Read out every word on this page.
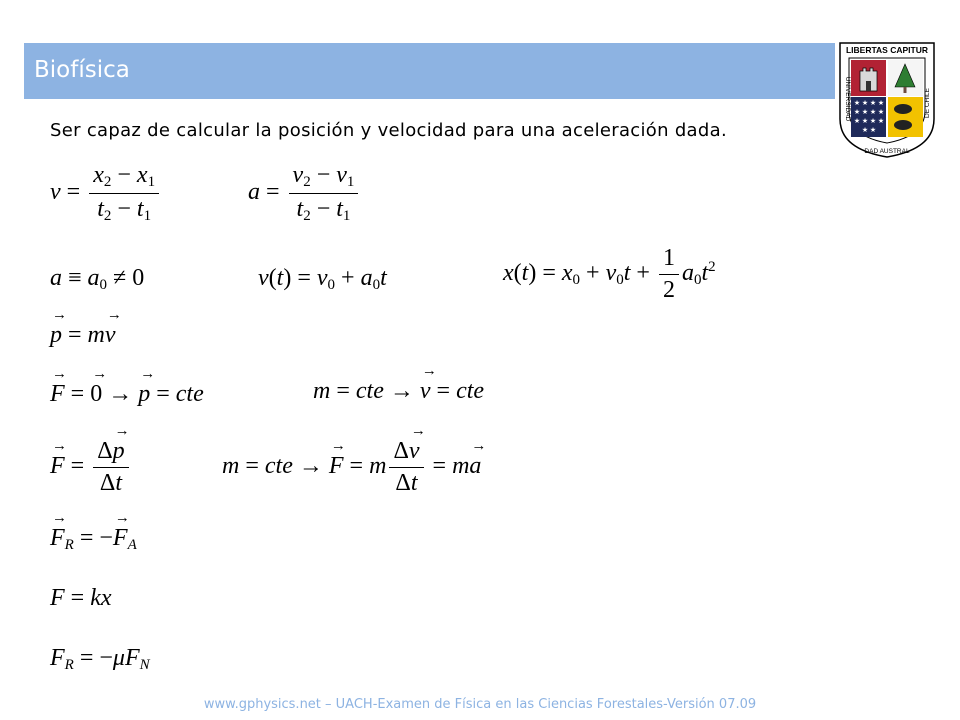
Biofísica
LIBERTAS CAPITUR
★ ★ ★ ★
★ ★ ★ ★
★ ★ ★ ★
★ ★
UNIVERSIDAD	DE CHILE
DAD AUSTRAL
Ser capaz de calcular la posición y velocidad para una aceleración dada.
$v = \frac{x_2 - x_1}{t_2 - t_1}$	$a = \frac{v_2 - v_1}{t_2 - t_1}$
$a \equiv a_0 \ne 0$	$v(t) = v_0 + a_0t$	$x(t) = x_0 + v_0t + \frac{1}{2} a_0t^2$
p → = mv →
F → = 0 → → p → = cte	m = cte → v → = cte
F → = $\frac{\Delta p \to}{\Delta t}$	m = cte → F → = m $\frac{\Delta v \to}{\Delta t}$ = ma →
$F \to_R = -F \to_A$
F = kx
$F_R = -\mu F_N$
www.gphysics.net – UACH-Examen de Física en las Ciencias Forestales-Versión 07.09
